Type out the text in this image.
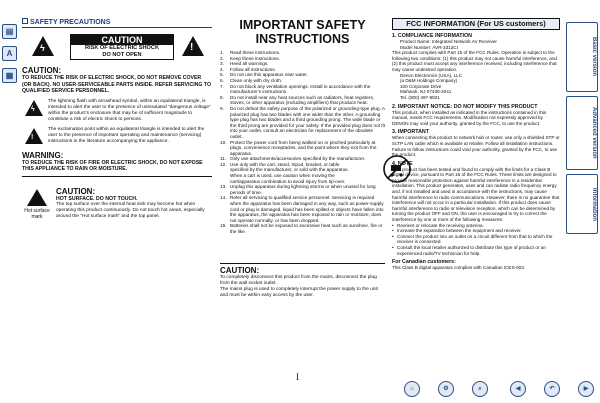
▤
A
▦
SAFETY PRECAUTIONS
ϟ
CAUTION
RISK OF ELECTRIC SHOCK
DO NOT OPEN
!
CAUTION:
TO REDUCE THE RISK OF ELECTRIC SHOCK, DO NOT REMOVE COVER (OR BACK). NO USER-SERVICEABLE PARTS INSIDE. REFER SERVICING TO QUALIFIED SERVICE PERSONNEL.
ϟ
The lightning flash with arrowhead symbol, within an equilateral triangle, is intended to alert the user to the presence of uninsulated “dangerous voltage” within the product’s enclosure that may be of sufficient magnitude to constitute a risk of electric shock to persons.
!
The exclamation point within an equilateral triangle is intended to alert the user to the presence of important operating and maintenance (servicing) instructions in the literature accompanying the appliance.
WARNING:
TO REDUCE THE RISK OF FIRE OR ELECTRIC SHOCK, DO NOT EXPOSE THIS APPLIANCE TO RAIN OR MOISTURE.
≋
Hot surface mark
CAUTION:
HOT SURFACE. DO NOT TOUCH.
The top surface over the internal heat sink may become hot when operating this product continuously. Do not touch hot areas, especially around the “Hot surface mark” and the top panel.
IMPORTANT SAFETY
INSTRUCTIONS
1. Read these instructions.
2. Keep these instructions.
3. Heed all warnings.
4. Follow all instructions.
5. Do not use this apparatus near water.
6. Clean only with dry cloth.
7. Do not block any ventilation openings. Install in accordance with the manufacturer’s instructions.
8. Do not install near any heat sources such as radiators, heat registers, stoves, or other apparatus (including amplifiers) that produce heat.
9. Do not defeat the safety purpose of the polarized or grounding-type plug. A polarized plug has two blades with one wider than the other. A grounding type plug has two blades and a third grounding prong. The wide blade or the third prong are provided for your safety. If the provided plug does not fit into your outlet, consult an electrician for replacement of the obsolete outlet.
10. Protect the power cord from being walked on or pinched particularly at plugs, convenience receptacles, and the point where they exit from the apparatus.
11. Only use attachments/accessories specified by the manufacturer.
12. Use only with the cart, stand, tripod, bracket, or table specified by the manufacturer, or sold with the apparatus. When a cart is used, use caution when moving the cart/apparatus combination to avoid injury from tip-over.
13. Unplug this apparatus during lightning storms or when unused for long periods of time.
14. Refer all servicing to qualified service personnel. Servicing is required when the apparatus has been damaged in any way, such as power-supply cord or plug is damaged, liquid has been spilled or objects have fallen into the apparatus, the apparatus has been exposed to rain or moisture, does not operate normally, or has been dropped.
15. Batteries shall not be exposed to excessive heat such as sunshine, fire or the like.
CAUTION:
To completely disconnect this product from the mains, disconnect the plug from the wall socket outlet.
The mains plug is used to completely interrupt the power supply to the unit and must be within easy access by the user.
I
FCC INFORMATION (For US customers)
1. COMPLIANCE INFORMATION
Product Name: Integrated Network AV Receiver
Model Number: AVR-3312CI
This product complies with Part 15 of the FCC Rules. Operation is subject to the following two conditions: (1) this product may not cause harmful interference, and (2) this product must accept any interference received, including interference that may cause undesired operation.
Denon Electronics (USA), LLC
(a D&M Holdings Company)
100 Corporate Drive
Mahwah, NJ 07430-2041
Tel. (800) 497-8921
2. IMPORTANT NOTICE: DO NOT MODIFY THIS PRODUCT
This product, when installed as indicated in the instructions contained in this manual, meets FCC requirements. Modification not expressly approved by DENON may void your authority, granted by the FCC, to use the product.
3. IMPORTANT
When connecting this product to network hub or router, use only a shielded STP or ScTP LAN cable which is available at retailer. Follow all installation instructions. Failure to follow instructions could void your authority, granted by the FCC, to use the product.
4. NOTE
This product has been tested and found to comply with the limits for a Class B digital device, pursuant to Part 15 of the FCC Rules. These limits are designed to provide reasonable protection against harmful interference in a residential installation. This product generates, uses and can radiate radio frequency energy and, if not installed and used in accordance with the instructions, may cause harmful interference to radio communications. However, there is no guarantee that interference will not occur in a particular installation. If this product does cause harmful interference to radio or television reception, which can be determined by turning the product OFF and ON, the user is encouraged to try to correct the interference by one or more of the following measures:
• Reorient or relocate the receiving antenna.
• Increase the separation between the equipment and receiver.
• Connect the product into an outlet on a circuit different from that to which the receiver is connected.
• Consult the local retailer authorized to distribute this type of product or an experienced radio/TV technician for help.
For Canadian customers:
This Class B digital apparatus complies with Canadian ICES-003.
Basic version
Advanced version
Information
⌂	⚙	⌕	◀	↶	▶
